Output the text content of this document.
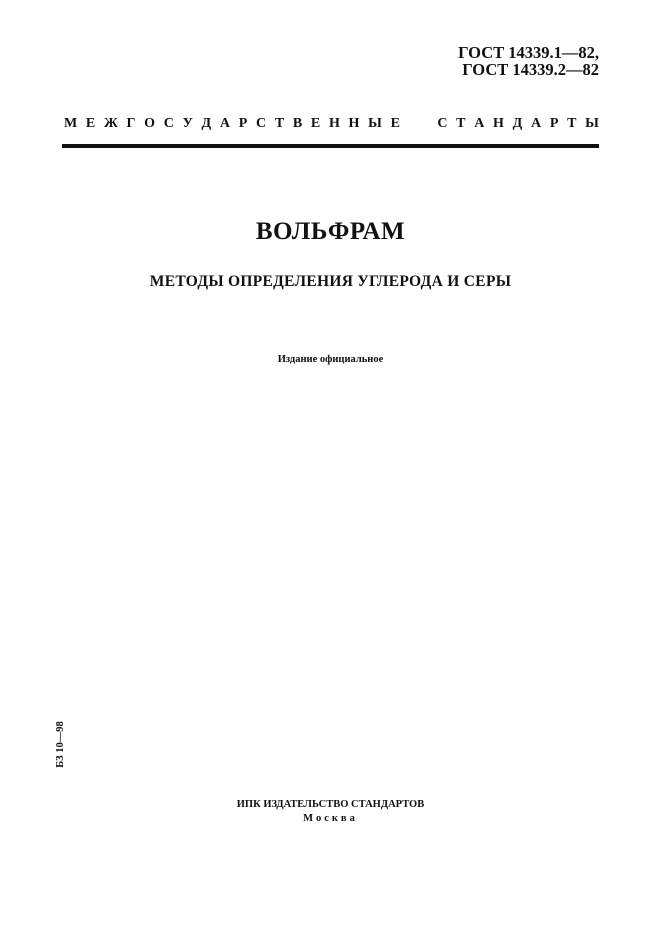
ГОСТ 14339.1—82,
ГОСТ 14339.2—82
М Е Ж Г О С У Д А Р С Т В Е Н Н Ы Е	С Т А Н Д А Р Т Ы
ВОЛЬФРАМ
МЕТОДЫ ОПРЕДЕЛЕНИЯ УГЛЕРОДА И СЕРЫ
Издание официальное
БЗ 10—98
ИПК ИЗДАТЕЛЬСТВО СТАНДАРТОВ
Москва
